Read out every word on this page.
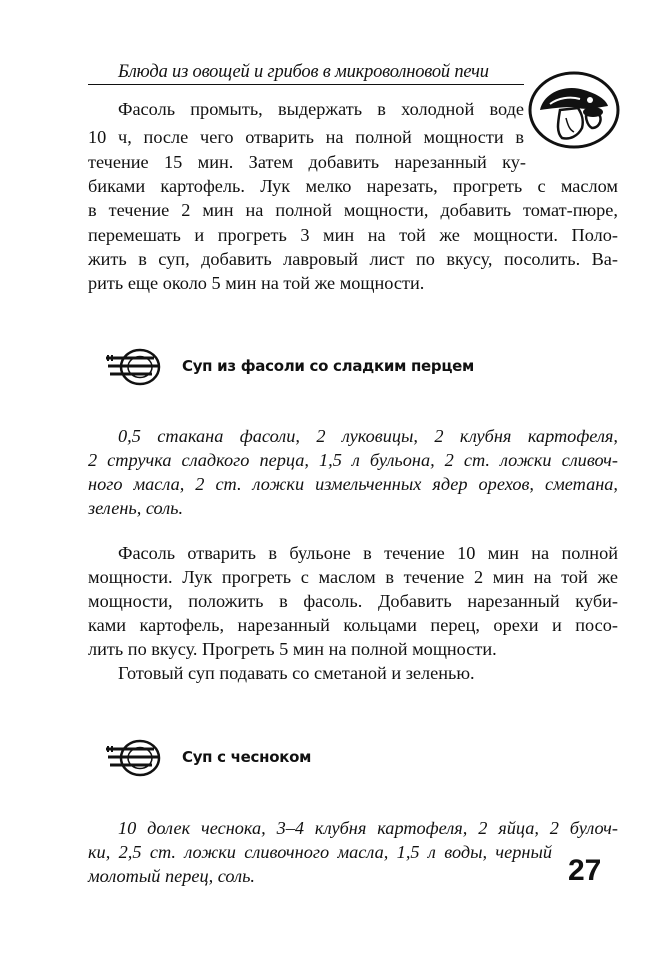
Блюда из овощей и грибов в микроволновой печи
Фасоль промыть, выдержать в холодной воде
10 ч, после чего отварить на полной мощности в
течение 15 мин. Затем добавить нарезанный ку-
биками картофель. Лук мелко нарезать, прогреть с маслом
в течение 2 мин на полной мощности, добавить томат-пюре,
перемешать и прогреть 3 мин на той же мощности. Поло-
жить в суп, добавить лавровый лист по вкусу, посолить. Ва-
рить еще около 5 мин на той же мощности.
Суп из фасоли со сладким перцем
0,5 стакана фасоли, 2 луковицы, 2 клубня картофеля,
2 стручка сладкого перца, 1,5 л бульона, 2 ст. ложки сливоч-
ного масла, 2 ст. ложки измельченных ядер орехов, сметана,
зелень, соль.
Фасоль отварить в бульоне в течение 10 мин на полной
мощности. Лук прогреть с маслом в течение 2 мин на той же
мощности, положить в фасоль. Добавить нарезанный куби-
ками картофель, нарезанный кольцами перец, орехи и посо-
лить по вкусу. Прогреть 5 мин на полной мощности.
Готовый суп подавать со сметаной и зеленью.
Суп с чесноком
10 долек чеснока, 3–4 клубня картофеля, 2 яйца, 2 булоч-
ки, 2,5 ст. ложки сливочного масла, 1,5 л воды, черный
молотый перец, соль.	27
